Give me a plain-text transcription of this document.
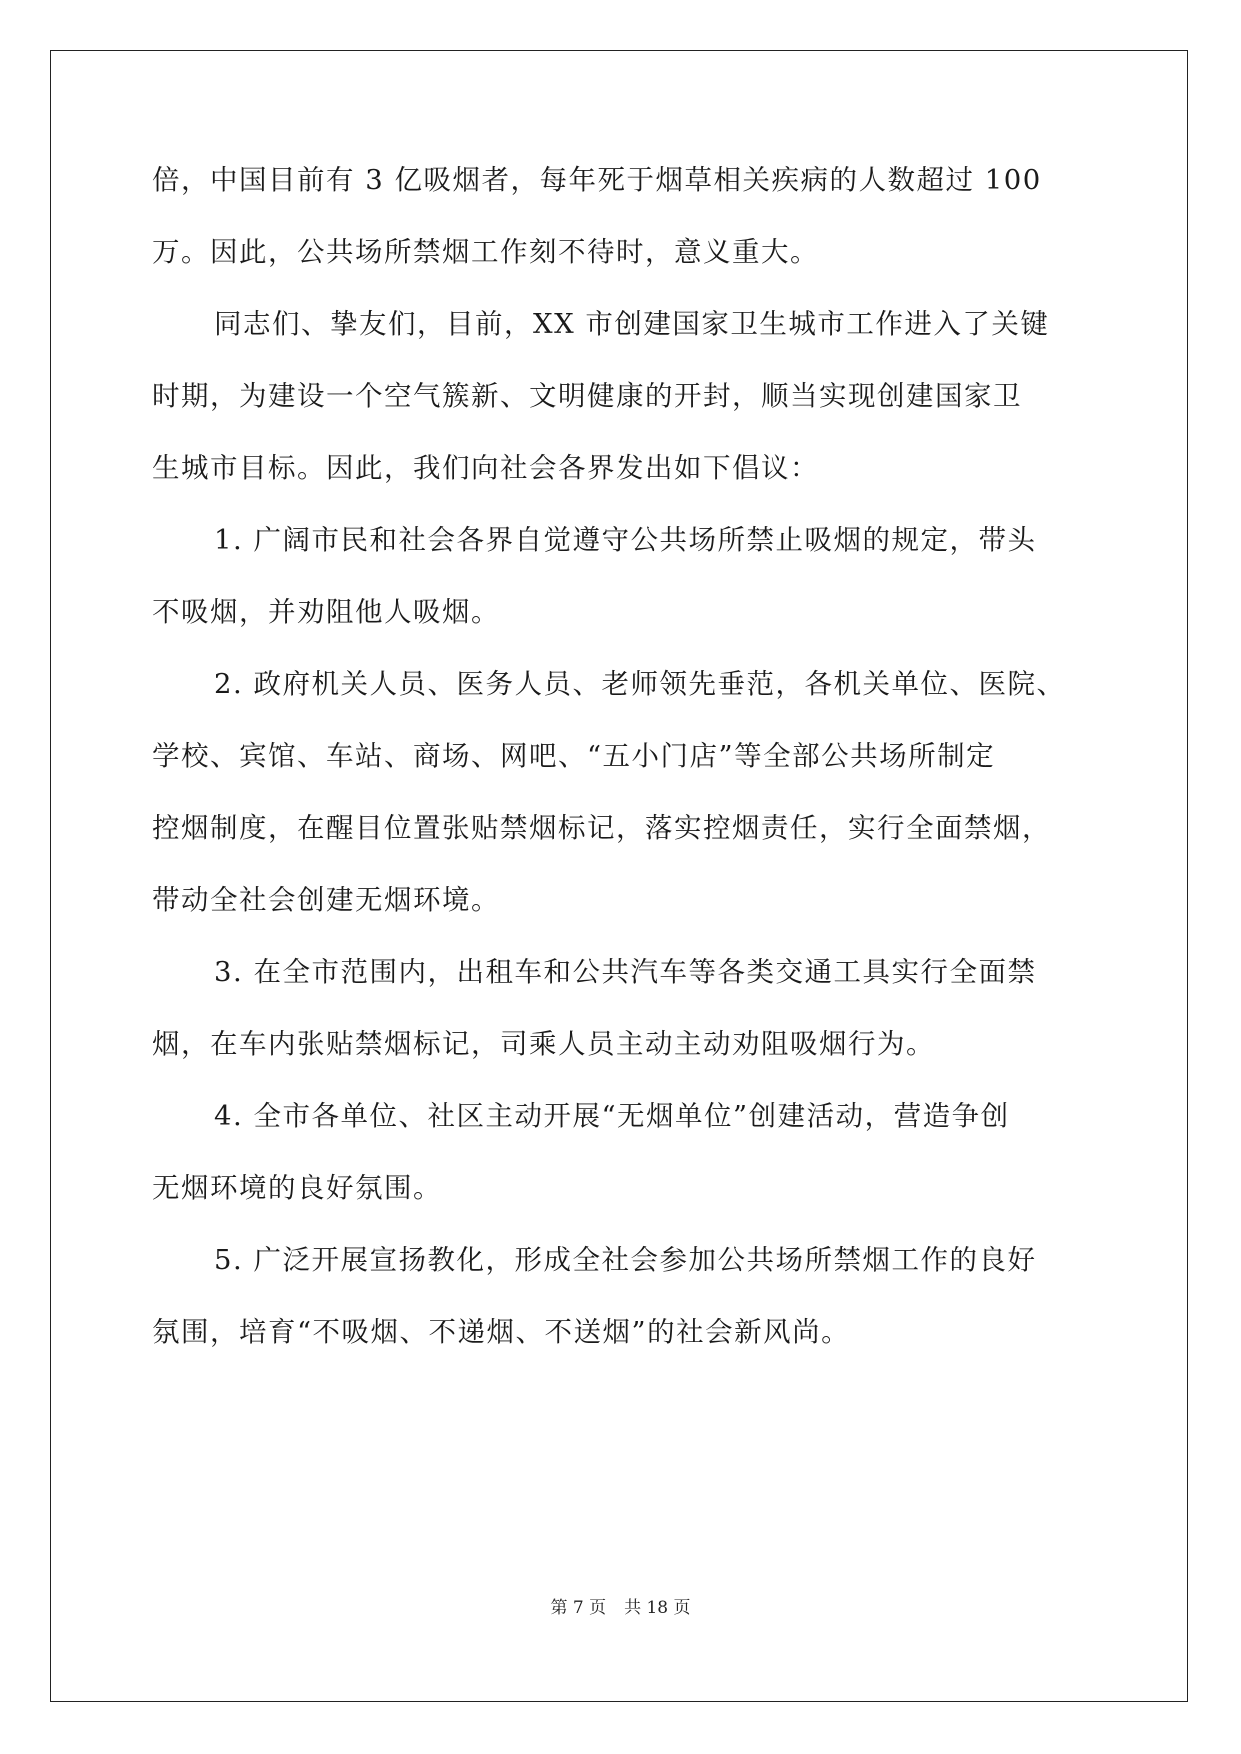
倍，中国目前有 3 亿吸烟者，每年死于烟草相关疾病的人数超过 100
万。因此，公共场所禁烟工作刻不待时，意义重大。
同志们、挚友们，目前，XX 市创建国家卫生城市工作进入了关键
时期，为建设一个空气簇新、文明健康的开封，顺当实现创建国家卫
生城市目标。因此，我们向社会各界发出如下倡议：
1. 广阔市民和社会各界自觉遵守公共场所禁止吸烟的规定，带头
不吸烟，并劝阻他人吸烟。
2. 政府机关人员、医务人员、老师领先垂范，各机关单位、医院、
学校、宾馆、车站、商场、网吧、“五小门店”等全部公共场所制定
控烟制度，在醒目位置张贴禁烟标记，落实控烟责任，实行全面禁烟，
带动全社会创建无烟环境。
3. 在全市范围内，出租车和公共汽车等各类交通工具实行全面禁
烟，在车内张贴禁烟标记，司乘人员主动主动劝阻吸烟行为。
4. 全市各单位、社区主动开展“无烟单位”创建活动，营造争创
无烟环境的良好氛围。
5. 广泛开展宣扬教化，形成全社会参加公共场所禁烟工作的良好
氛围，培育“不吸烟、不递烟、不送烟”的社会新风尚。
第 7 页 共 18 页
